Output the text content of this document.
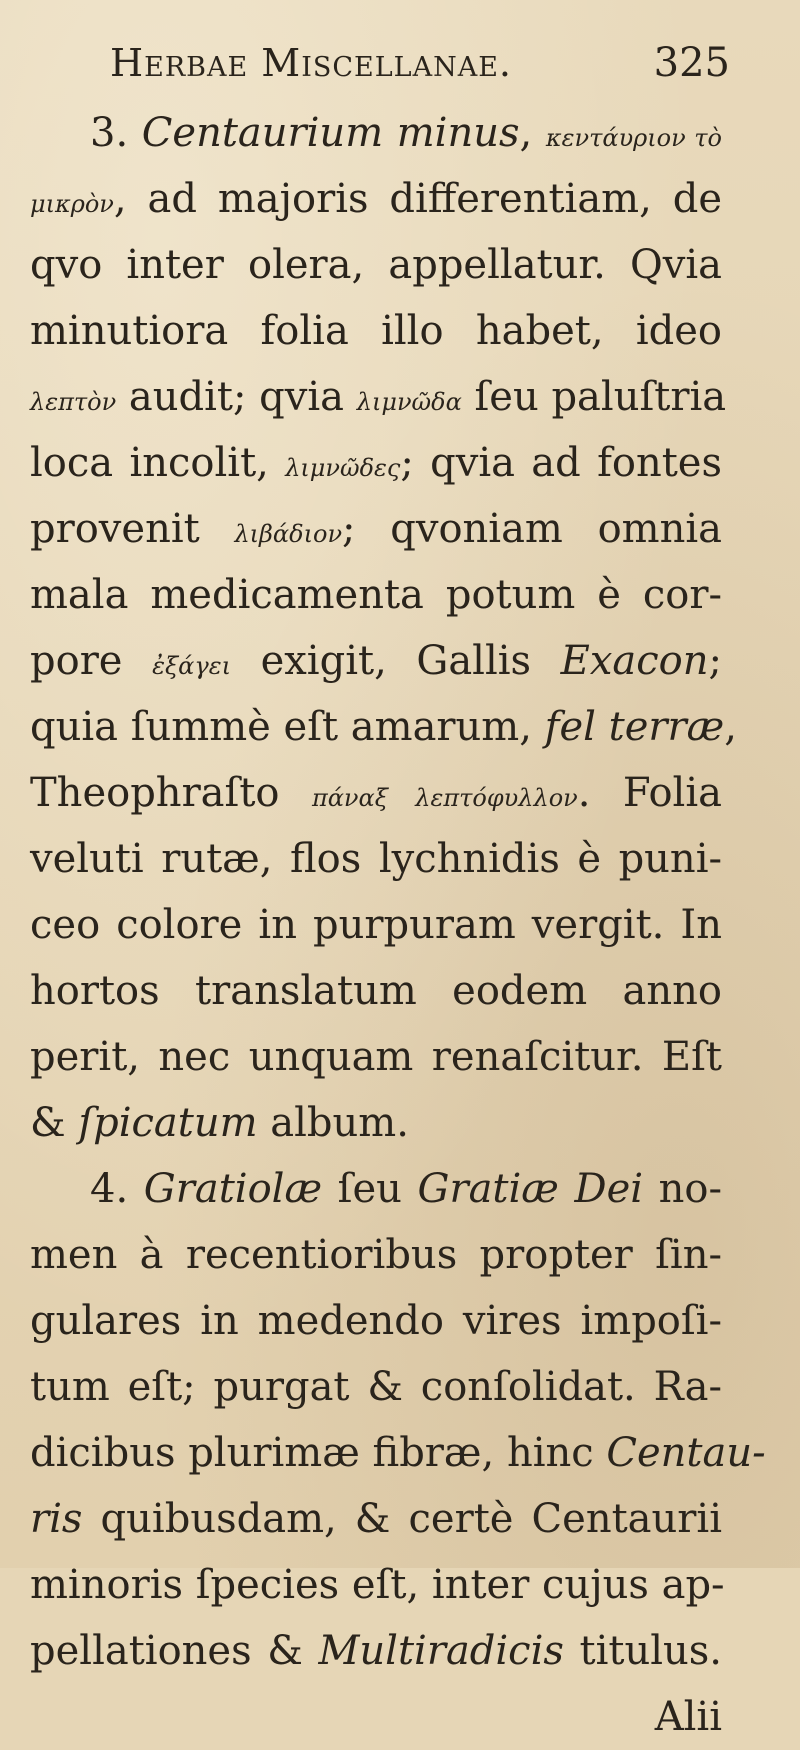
Herbae Miscellanae.	325
3. Centaurium minus, κεντάυριον τὸ
μικρὸν, ad majoris differentiam, de
qvo inter olera, appellatur. Qvia
minutiora folia illo habet, ideo
λεπτὸν audit; qvia λιμνῶδα ſeu paluſtria
loca incolit, λιμνῶδες; qvia ad fontes
provenit λιβάδιον; qvoniam omnia
mala medicamenta potum è cor-
pore ἐξάγει exigit, Gallis Exacon;
quia ſummè eſt amarum, fel terræ,
Theophraſto πάναξ λεπτόφυλλον. Folia
veluti rutæ, flos lychnidis è puni-
ceo colore in purpuram vergit. In
hortos translatum eodem anno
perit, nec unquam renaſcitur. Eſt
& ſpicatum album.
4. Gratiolæ ſeu Gratiæ Dei no-
men à recentioribus propter ſin-
gulares in medendo vires impoſi-
tum eſt; purgat & conſolidat. Ra-
dicibus plurimæ fibræ, hinc Centau-
ris quibusdam, & certè Centaurii
minoris ſpecies eſt, inter cujus ap-
pellationes & Multiradicis titulus.
Alii
